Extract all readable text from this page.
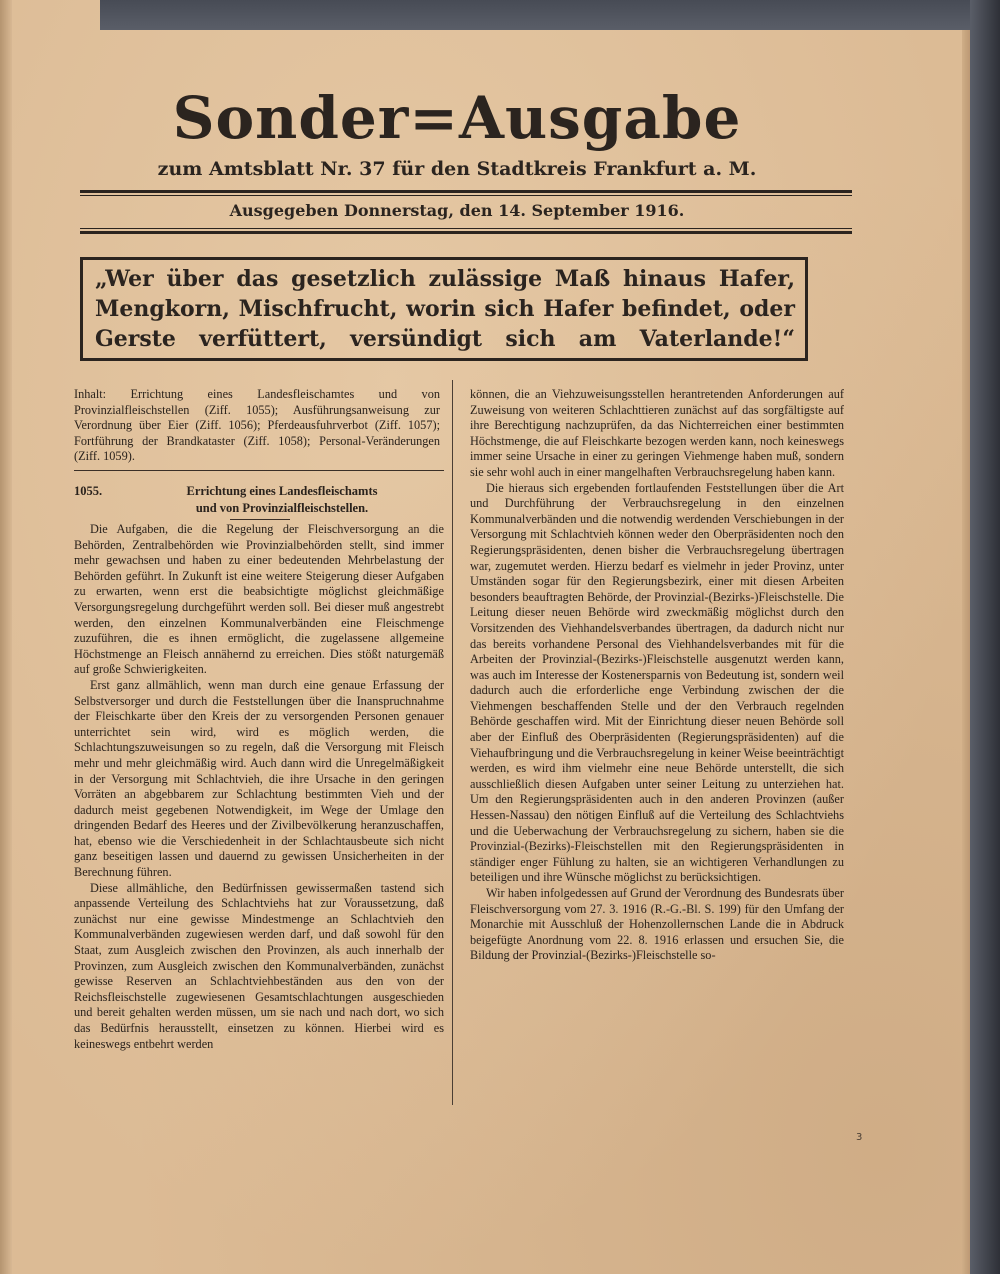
Sonder=Ausgabe
zum Amtsblatt Nr. 37 für den Stadtkreis Frankfurt a. M.
Ausgegeben Donnerstag, den 14. September 1916.
„Wer über das gesetzlich zulässige Maß hinaus Hafer,
Mengkorn, Mischfrucht, worin sich Hafer befindet, oder
Gerste verfüttert, versündigt sich am Vaterlande!“

Inhalt: Errichtung eines Landesfleischamtes und von Provinzialfleischstellen (Ziff. 1055); Ausführungsanweisung zur Verordnung über Eier (Ziff. 1056); Pferdeausfuhrverbot (Ziff. 1057); Fortführung der Brandkataster (Ziff. 1058); Personal-Veränderungen (Ziff. 1059).

1055.	Errichtung eines Landesfleischamts
und von Provinzialfleischstellen.

Die Aufgaben, die die Regelung der Fleischversorgung an die Behörden, Zentralbehörden wie Provinzialbehörden stellt, sind immer mehr gewachsen und haben zu einer bedeutenden Mehrbelastung der Behörden geführt. In Zukunft ist eine weitere Steigerung dieser Aufgaben zu erwarten, wenn erst die beabsichtigte möglichst gleichmäßige Versorgungsregelung durchgeführt werden soll. Bei dieser muß angestrebt werden, den einzelnen Kommunalverbänden eine Fleischmenge zuzuführen, die es ihnen ermöglicht, die zugelassene allgemeine Höchstmenge an Fleisch annähernd zu erreichen. Dies stößt naturgemäß auf große Schwierigkeiten.

Erst ganz allmählich, wenn man durch eine genaue Erfassung der Selbstversorger und durch die Feststellungen über die Inanspruchnahme der Fleischkarte über den Kreis der zu versorgenden Personen genauer unterrichtet sein wird, wird es möglich werden, die Schlachtungszuweisungen so zu regeln, daß die Versorgung mit Fleisch mehr und mehr gleichmäßig wird. Auch dann wird die Unregelmäßigkeit in der Versorgung mit Schlachtvieh, die ihre Ursache in den geringen Vorräten an abgebbarem zur Schlachtung bestimmten Vieh und der dadurch meist gegebenen Notwendigkeit, im Wege der Umlage den dringenden Bedarf des Heeres und der Zivilbevölkerung heranzuschaffen, hat, ebenso wie die Verschiedenheit in der Schlachtausbeute sich nicht ganz beseitigen lassen und dauernd zu gewissen Unsicherheiten in der Berechnung führen.

Diese allmähliche, den Bedürfnissen gewissermaßen tastend sich anpassende Verteilung des Schlachtviehs hat zur Voraussetzung, daß zunächst nur eine gewisse Mindestmenge an Schlachtvieh den Kommunalverbänden zugewiesen werden darf, und daß sowohl für den Staat, zum Ausgleich zwischen den Provinzen, als auch innerhalb der Provinzen, zum Ausgleich zwischen den Kommunalverbänden, zunächst gewisse Reserven an Schlachtviehbeständen aus den von der Reichsfleischstelle zugewiesenen Gesamtschlachtungen ausgeschieden und bereit gehalten werden müssen, um sie nach und nach dort, wo sich das Bedürfnis herausstellt, einsetzen zu können. Hierbei wird es keineswegs entbehrt werden

können, die an Viehzuweisungsstellen herantretenden Anforderungen auf Zuweisung von weiteren Schlachttieren zunächst auf das sorgfältigste auf ihre Berechtigung nachzuprüfen, da das Nichterreichen einer bestimmten Höchstmenge, die auf Fleischkarte bezogen werden kann, noch keineswegs immer seine Ursache in einer zu geringen Viehmenge haben muß, sondern sie sehr wohl auch in einer mangelhaften Verbrauchsregelung haben kann.

Die hieraus sich ergebenden fortlaufenden Feststellungen über die Art und Durchführung der Verbrauchsregelung in den einzelnen Kommunalverbänden und die notwendig werdenden Verschiebungen in der Versorgung mit Schlachtvieh können weder den Oberpräsidenten noch den Regierungspräsidenten, denen bisher die Verbrauchsregelung übertragen war, zugemutet werden. Hierzu bedarf es vielmehr in jeder Provinz, unter Umständen sogar für den Regierungsbezirk, einer mit diesen Arbeiten besonders beauftragten Behörde, der Provinzial-(Bezirks-)Fleischstelle. Die Leitung dieser neuen Behörde wird zweckmäßig möglichst durch den Vorsitzenden des Viehhandelsverbandes übertragen, da dadurch nicht nur das bereits vorhandene Personal des Viehhandelsverbandes mit für die Arbeiten der Provinzial-(Bezirks-)Fleischstelle ausgenutzt werden kann, was auch im Interesse der Kostenersparnis von Bedeutung ist, sondern weil dadurch auch die erforderliche enge Verbindung zwischen der die Viehmengen beschaffenden Stelle und der den Verbrauch regelnden Behörde geschaffen wird. Mit der Einrichtung dieser neuen Behörde soll aber der Einfluß des Oberpräsidenten (Regierungspräsidenten) auf die Viehaufbringung und die Verbrauchsregelung in keiner Weise beeinträchtigt werden, es wird ihm vielmehr eine neue Behörde unterstellt, die sich ausschließlich diesen Aufgaben unter seiner Leitung zu unterziehen hat. Um den Regierungspräsidenten auch in den anderen Provinzen (außer Hessen-Nassau) den nötigen Einfluß auf die Verteilung des Schlachtviehs und die Ueberwachung der Verbrauchsregelung zu sichern, haben sie die Provinzial-(Bezirks)-Fleischstellen mit den Regierungspräsidenten in ständiger enger Fühlung zu halten, sie an wichtigeren Verhandlungen zu beteiligen und ihre Wünsche möglichst zu berücksichtigen.

Wir haben infolgedessen auf Grund der Verordnung des Bundesrats über Fleischversorgung vom 27. 3. 1916 (R.-G.-Bl. S. 199) für den Umfang der Monarchie mit Ausschluß der Hohenzollernschen Lande die in Abdruck beigefügte Anordnung vom 22. 8. 1916 erlassen und ersuchen Sie, die Bildung der Provinzial-(Bezirks-)Fleischstelle so-

3
